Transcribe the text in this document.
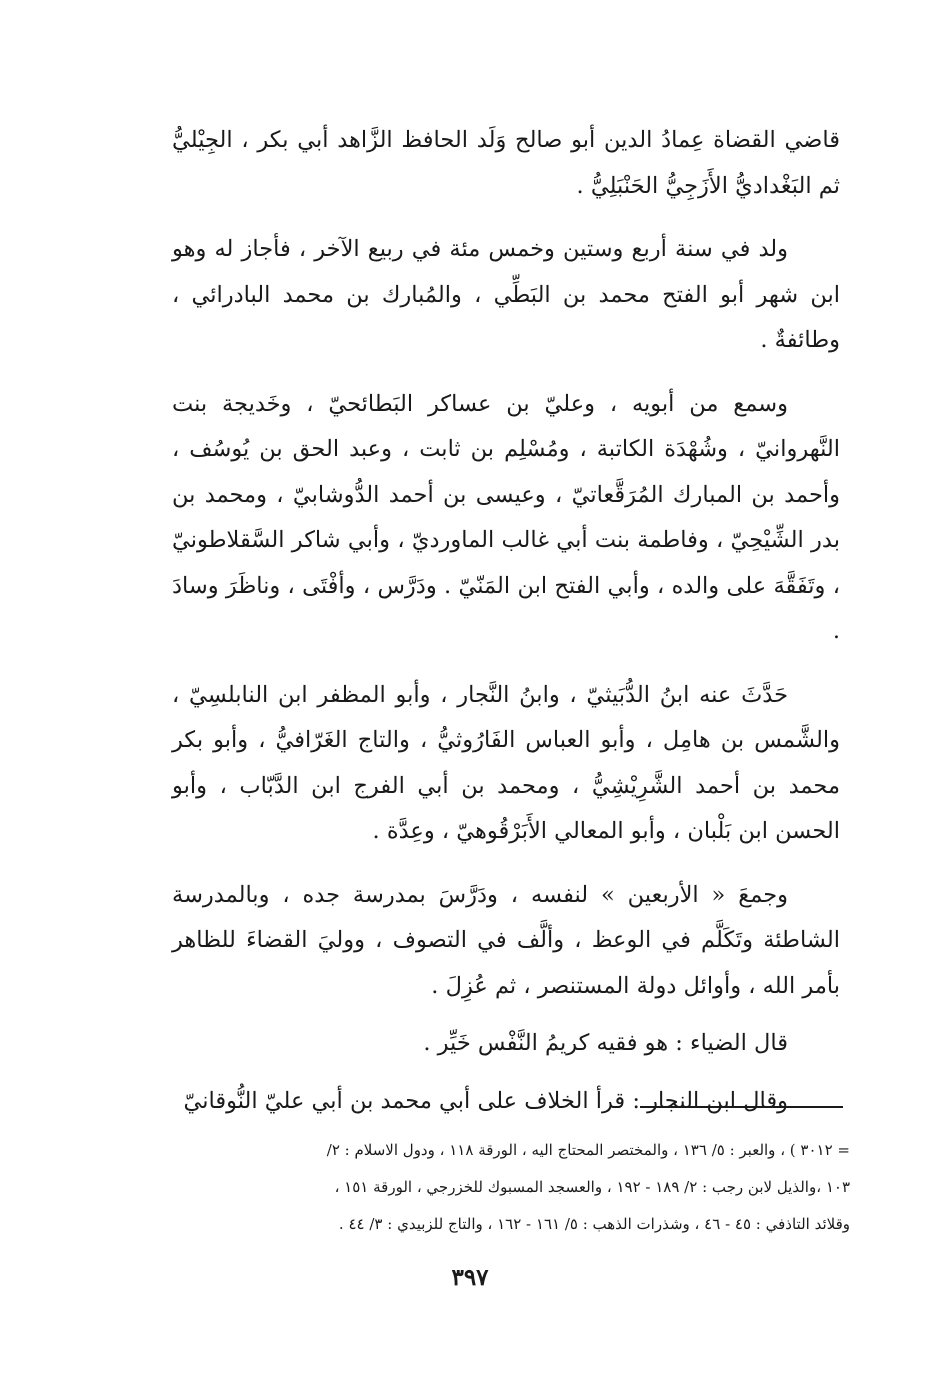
قاضي القضاة عِمادُ الدين أبو صالح وَلَد الحافظ الزَّاهد أبي بكر ، الجِيْليُّ ثم البَغْداديُّ الأَزَجِيُّ الحَنْبَلِيُّ .

ولد في سنة أربع وستين وخمس مئة في ربيع الآخر ، فأجاز له وهو ابن شهر أبو الفتح محمد بن البَطِّي ، والمُبارك بن محمد البادرائي ، وطائفةٌ .

وسمع من أبويه ، وعليّ بن عساكر البَطائحيّ ، وخَديجة بنت النَّهروانيّ ، وشُهْدَة الكاتبة ، ومُسْلِم بن ثابت ، وعبد الحق بن يُوسُف ، وأحمد بن المبارك المُرَقَّعاتيّ ، وعيسى بن أحمد الدُّوشابيّ ، ومحمد بن بدر الشِّيْحِيّ ، وفاطمة بنت أبي غالب الماورديّ ، وأبي شاكر السَّقلاطونيّ ، وتَفَقَّهَ على والده ، وأبي الفتح ابن المَنّيّ . ودَرَّس ، وأفْتَى ، وناظَرَ وسادَ .

حَدَّثَ عنه ابنُ الدُّبَيثيّ ، وابنُ النَّجار ، وأبو المظفر ابن النابلسِيّ ، والشَّمس بن هامِل ، وأبو العباس الفَارُوثيُّ ، والتاج الغَرّافيُّ ، وأبو بكر محمد بن أحمد الشَّرِيْشِيُّ ، ومحمد بن أبي الفرج ابن الدَّبّاب ، وأبو الحسن ابن بَلْبان ، وأبو المعالي الأَبَرْقُوهيّ ، وعِدَّة .

وجمعَ « الأربعين » لنفسه ، ودَرَّسَ بمدرسة جده ، وبالمدرسة الشاطئة وتَكَلَّم في الوعظ ، وألَّف في التصوف ، ووليَ القضاءَ للظاهر بأمر الله ، وأوائل دولة المستنصر ، ثم عُزِلَ .

قال الضياء : هو فقيه كريمُ النَّفْس خَيِّر .

وقال ابن النجار : قرأ الخلاف على أبي محمد بن أبي عليّ النُّوقانيّ

= ٣٠١٢ ) ، والعبر : ٥/ ١٣٦ ، والمختصر المحتاج اليه ، الورقة ١١٨ ، ودول الاسلام : ٢/

١٠٣ ،والذيل لابن رجب : ٢/ ١٨٩ - ١٩٢ ، والعسجد المسبوك للخزرجي ، الورقة ١٥١ ،

وقلائد التاذفي : ٤٥ - ٤٦ ، وشذرات الذهب : ٥/ ١٦١ - ١٦٢ ، والتاج للزبيدي : ٣/ ٤٤ .

٣٩٧
